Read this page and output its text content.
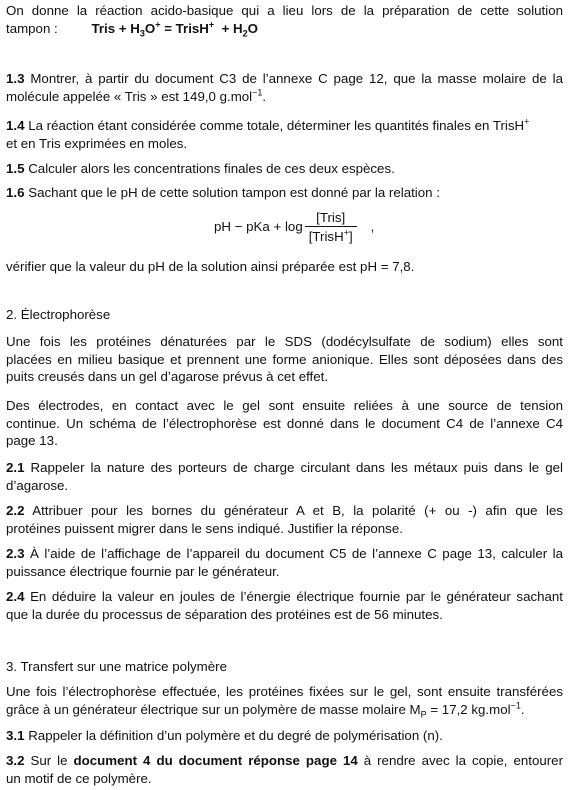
On donne la réaction acido-basique qui a lieu lors de la préparation de cette solution

tampon :	Tris + $H_3O^+$ = TrisH+  + $H_2O$

1.3 Montrer, à partir du document C3 de l’annexe C page 12, que la masse molaire de la

molécule appelée « Tris » est 149,0 g.mol$^{-1}$.

1.4 La réaction étant considérée comme totale, déterminer les quantités finales en TrisH+

et en Tris exprimées en moles.

1.5 Calculer alors les concentrations finales de ces deux espèces.

1.6 Sachant que le pH de cette solution tampon est donné par la relation :

pH − pKa + $\log \frac{\text{[Tris]}}{[TrisH^+]}$ ,

vérifier que la valeur du pH de la solution ainsi préparée est pH = 7,8.

2. Électrophorèse

Une fois les protéines dénaturées par le SDS (dodécylsulfate de sodium) elles sont

placées en milieu basique et prennent une forme anionique. Elles sont déposées dans des

puits creusés dans un gel d’agarose prévus à cet effet.

Des électrodes, en contact avec le gel sont ensuite reliées à une source de tension

continue. Un schéma de l’électrophorèse est donné dans le document C4 de l’annexe C4

page 13.

2.1 Rappeler la nature des porteurs de charge circulant dans les métaux puis dans le gel

d’agarose.

2.2 Attribuer pour les bornes du générateur A et B, la polarité (+ ou -) afin que les

protéines puissent migrer dans le sens indiqué. Justifier la réponse.

2.3 À l’aide de l’affichage de l’appareil du document C5 de l’annexe C page 13, calculer la

puissance électrique fournie par le générateur.

2.4 En déduire la valeur en joules de l’énergie électrique fournie par le générateur sachant

que la durée du processus de séparation des protéines est de 56 minutes.

3. Transfert sur une matrice polymère

Une fois l’électrophorèse effectuée, les protéines fixées sur le gel, sont ensuite transférées

grâce à un générateur électrique sur un polymère de masse molaire $M_P = 17,2$ kg.mol$^{-1}$.

3.1 Rappeler la définition d’un polymère et du degré de polymérisation (n).

3.2 Sur le document 4 du document réponse page 14 à rendre avec la copie, entourer

un motif de ce polymère.
